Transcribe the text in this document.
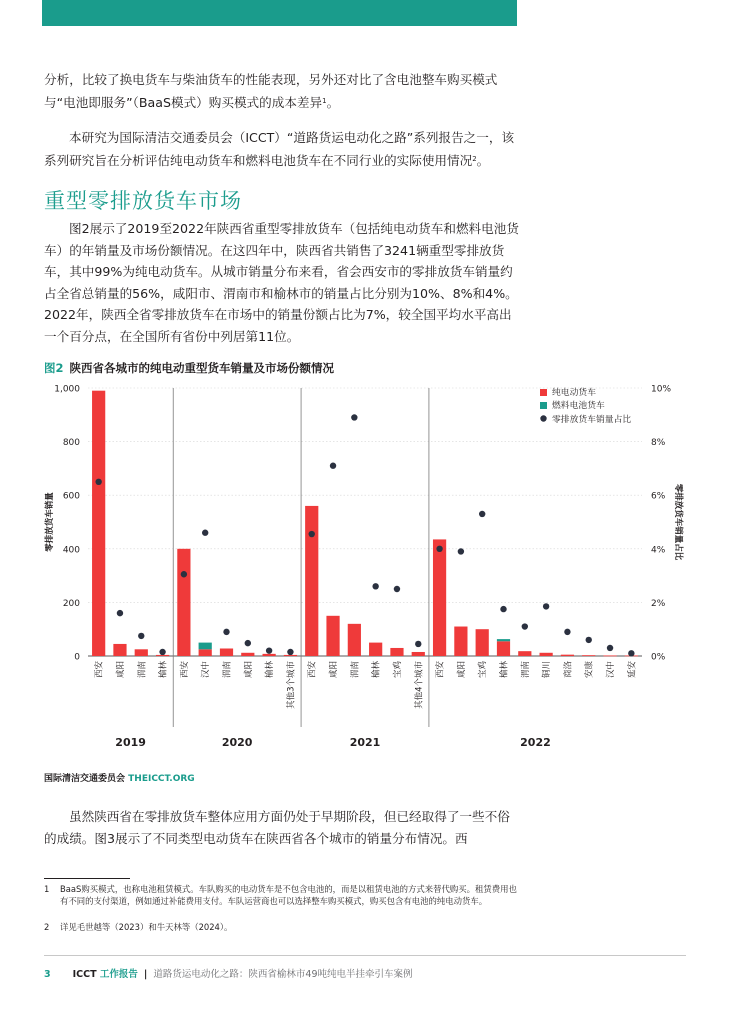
分析，比较了换电货车与柴油货车的性能表现，另外还对比了含电池整车购买模式
与“电池即服务”（BaaS模式）购买模式的成本差异$^1$。

本研究为国际清洁交通委员会（ICCT）“道路货运电动化之路”系列报告之一，该系列研究旨在分析评估纯电动货车和燃料电池货车在不同行业的实际使用情况$^2$。

重型零排放货车市场

图2展示了2019至2022年陕西省重型零排放货车（包括纯电动货车和燃料电池货车）的年销量及市场份额情况。在这四年中，陕西省共销售了3241辆重型零排放货车，其中99%为纯电动货车。从城市销量分布来看，省会西安市的零排放货车销量约占全省总销量的56%，咸阳市、渭南市和榆林市的销量占比分别为10%、8%和4%。2022年，陕西全省零排放货车在市场中的销量份额占比为7%，较全国平均水平高出一个百分点，在全国所有省份中列居第11位。

图2 陕西省各城市的纯电动重型货车销量及市场份额情况
0
200
400
600
800
1,000
0%
2%
4%
6%
8%
10%
零排放货车销量	零排放货车销量占比
西安 咸阳 渭南 榆林
2019
西安 汉中 渭南 咸阳 榆林 其他3个城市
2020
西安 咸阳 渭南 榆林 宝鸡 其他4个城市
2021
西安 咸阳 宝鸡 榆林 渭南 铜川 商洛 安康 汉中 延安
2022
纯电动货车
燃料电池货车
零排放货车销量占比
国际清洁交通委员会 THEICCT.ORG

虽然陕西省在零排放货车整体应用方面仍处于早期阶段，但已经取得了一些不俗的成绩。图3展示了不同类型电动货车在陕西省各个城市的销量分布情况。西

1 BaaS购买模式，也称电池租赁模式。车队购买的电动货车是不包含电池的，而是以租赁电池的方式来替代购买。租赁费用也有不同的支付渠道，例如通过补能费用支付。车队运营商也可以选择整车购买模式，购买包含有电池的纯电动货车。
2 详见毛世越等（2023）和牛天林等（2024）。
3 ICCT 工作报告 | 道路货运电动化之路：陕西省榆林市49吨纯电半挂牵引车案例
